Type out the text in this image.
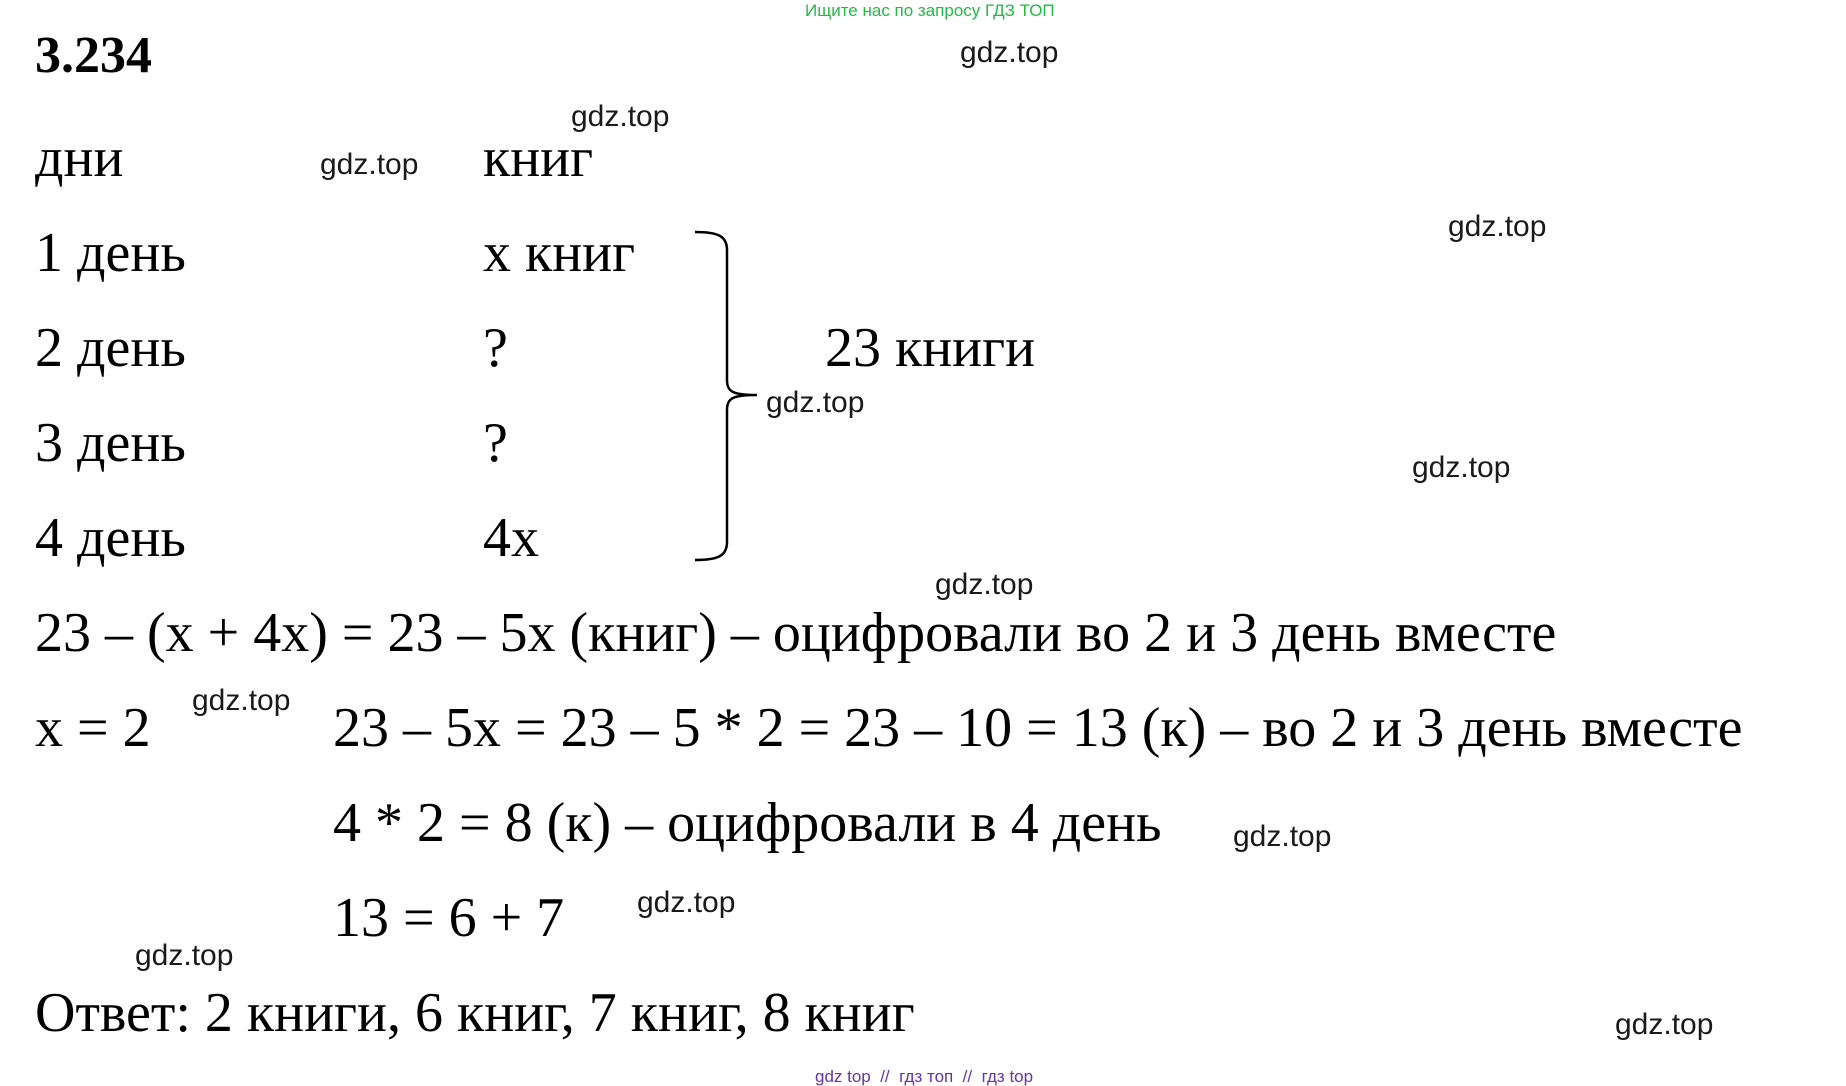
Ищите нас по запросу ГДЗ ТОП
3.234
дни	книг
1 день	х книг
2 день	?
3 день	?
4 день	4х
23 книги
23 – (х + 4х) = 23 – 5х (книг) – оцифровали во 2 и 3 день вместе
х = 2	23 – 5х = 23 – 5 * 2 = 23 – 10 = 13 (к) – во 2 и 3 день вместе
4 * 2 = 8 (к) – оцифровали в 4 день
13 = 6 + 7
Ответ: 2 книги, 6 книг, 7 книг, 8 книг
gdz.top
gdz.top
gdz.top
gdz.top
gdz.top
gdz.top
gdz.top
gdz.top
gdz.top
gdz.top
gdz.top
gdz.top
gdz top  //  гдз топ  //  гдз top
